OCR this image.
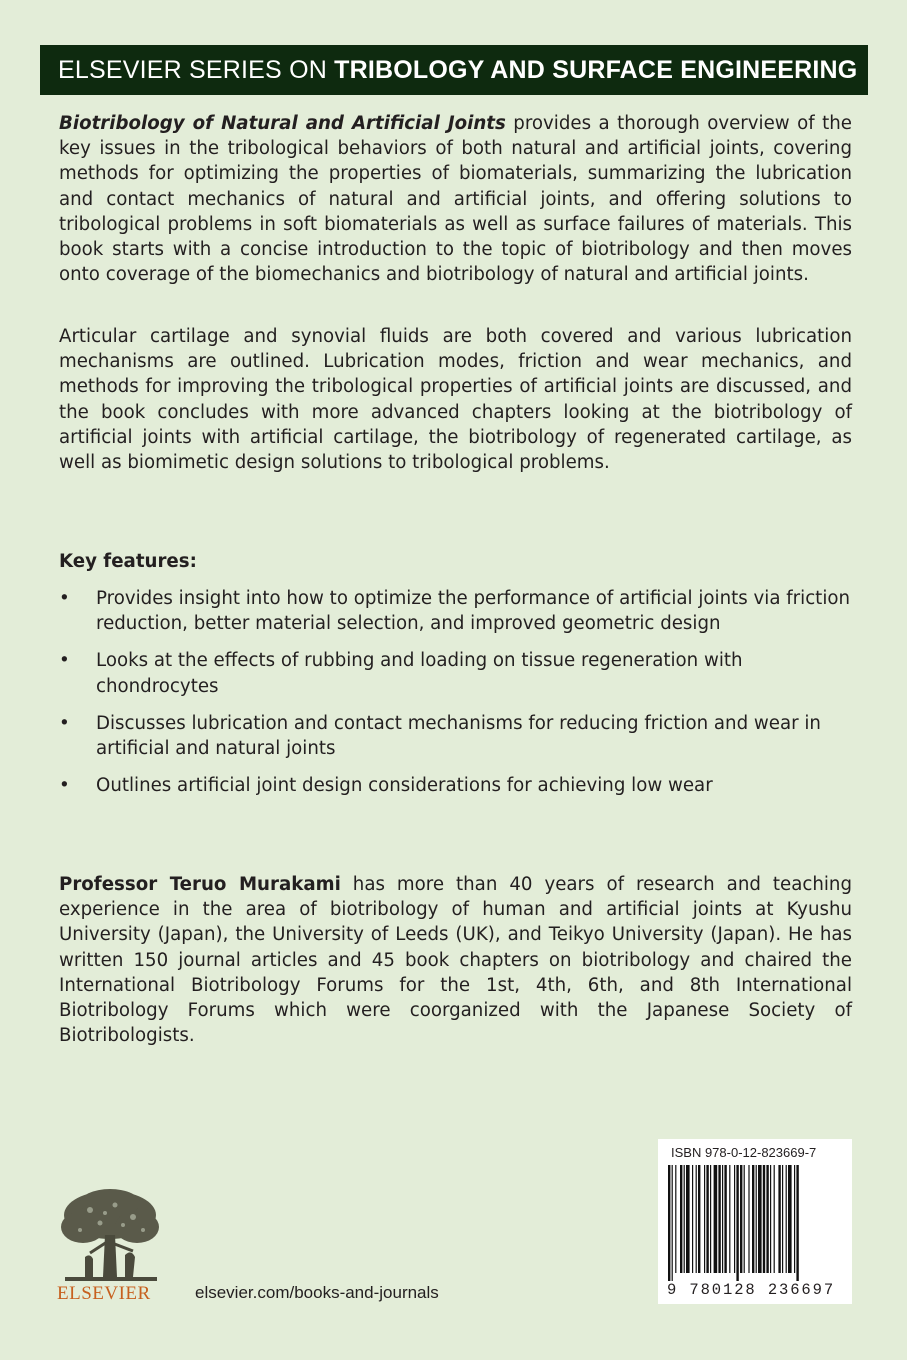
ELSEVIER SERIES ON TRIBOLOGY AND SURFACE ENGINEERING

Biotribology of Natural and Artificial Joints provides a thorough overview of the key issues in the tribological behaviors of both natural and artificial joints, covering methods for optimizing the properties of biomaterials, summarizing the lubrication and contact mechanics of natural and artificial joints, and offering solutions to tribological problems in soft biomaterials as well as surface failures of materials. This book starts with a concise introduction to the topic of biotribology and then moves onto coverage of the biomechanics and biotribology of natural and artificial joints.

Articular cartilage and synovial fluids are both covered and various lubrication mechanisms are outlined. Lubrication modes, friction and wear mechanics, and methods for improving the tribological properties of artificial joints are discussed, and the book concludes with more advanced chapters looking at the biotribology of artificial joints with artificial cartilage, the biotribology of regenerated cartilage, as well as biomimetic design solutions to tribological problems.

Key features:

• Provides insight into how to optimize the performance of artificial joints via friction reduction, better material selection, and improved geometric design
• Looks at the effects of rubbing and loading on tissue regeneration with chondrocytes
• Discusses lubrication and contact mechanisms for reducing friction and wear in artificial and natural joints
• Outlines artificial joint design considerations for achieving low wear

Professor Teruo Murakami has more than 40 years of research and teaching experience in the area of biotribology of human and artificial joints at Kyushu University (Japan), the University of Leeds (UK), and Teikyo University (Japan). He has written 150 journal articles and 45 book chapters on biotribology and chaired the International Biotribology Forums for the 1st, 4th, 6th, and 8th International Biotribology Forums which were coorganized with the Japanese Society of Biotribologists.

ELSEVIER	elsevier.com/books-and-journals
ISBN 978-0-12-823669-7
9 780128 236697
